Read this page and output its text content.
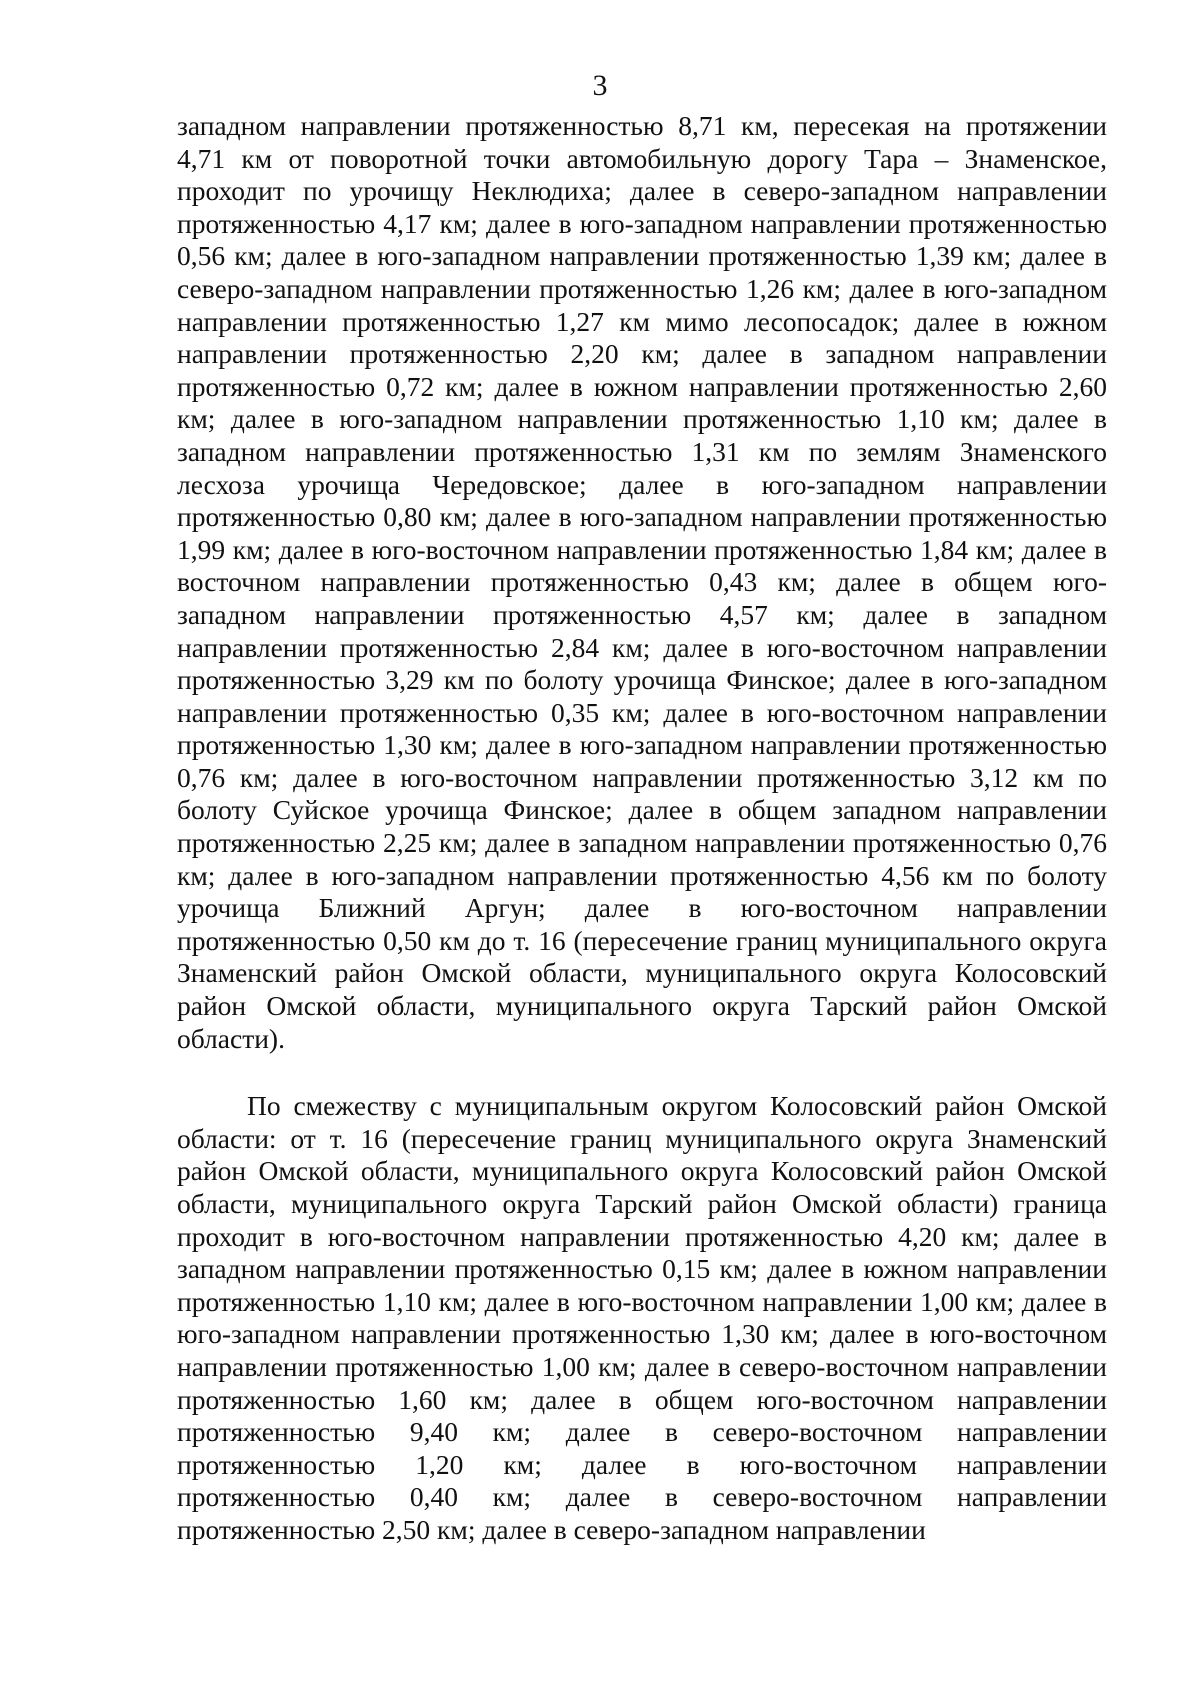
3

западном направлении протяженностью 8,71 км, пересекая на протяжении 4,71 км от поворотной точки автомобильную дорогу Тара – Знаменское, проходит по урочищу Неклюдиха; далее в северо-западном направлении протяженностью 4,17 км; далее в юго-западном направлении протяженностью 0,56 км; далее в юго-западном направлении протяженностью 1,39 км; далее в северо-западном направлении протяженностью 1,26 км; далее в юго-западном направлении протяженностью 1,27 км мимо лесопосадок; далее в южном направлении протяженностью 2,20 км; далее в западном направлении протяженностью 0,72 км; далее в южном направлении протяженностью 2,60 км; далее в юго-западном направлении протяженностью 1,10 км; далее в западном направлении протяженностью 1,31 км по землям Знаменского лесхоза урочища Чередовское; далее в юго-западном направлении протяженностью 0,80 км; далее в юго-западном направлении протяженностью 1,99 км; далее в юго-восточном направлении протяженностью 1,84 км; далее в восточном направлении протяженностью 0,43 км; далее в общем юго-западном направлении протяженностью 4,57 км; далее в западном направлении протяженностью 2,84 км; далее в юго-восточном направлении протяженностью 3,29 км по болоту урочища Финское; далее в юго-западном направлении протяженностью 0,35 км; далее в юго-восточном направлении протяженностью 1,30 км; далее в юго-западном направлении протяженностью 0,76 км; далее в юго-восточном направлении протяженностью 3,12 км по болоту Суйское урочища Финское; далее в общем западном направлении протяженностью 2,25 км; далее в западном направлении протяженностью 0,76 км; далее в юго-западном направлении протяженностью 4,56 км по болоту урочища Ближний Аргун; далее в юго-восточном направлении протяженностью 0,50 км до т. 16 (пересечение границ муниципального округа Знаменский район Омской области, муниципального округа Колосовский район Омской области, муниципального округа Тарский район Омской области).

По смежеству с муниципальным округом Колосовский район Омской области: от т. 16 (пересечение границ муниципального округа Знаменский район Омской области, муниципального округа Колосовский район Омской области, муниципального округа Тарский район Омской области) граница проходит в юго-восточном направлении протяженностью 4,20 км; далее в западном направлении протяженностью 0,15 км; далее в южном направлении протяженностью 1,10 км; далее в юго-восточном направлении 1,00 км; далее в юго-западном направлении протяженностью 1,30 км; далее в юго-восточном направлении протяженностью 1,00 км; далее в северо-восточном направлении протяженностью 1,60 км; далее в общем юго-восточном направлении протяженностью 9,40 км; далее в северо-восточном направлении протяженностью 1,20 км; далее в юго-восточном направлении протяженностью 0,40 км; далее в северо-восточном направлении протяженностью 2,50 км; далее в северо-западном направлении
